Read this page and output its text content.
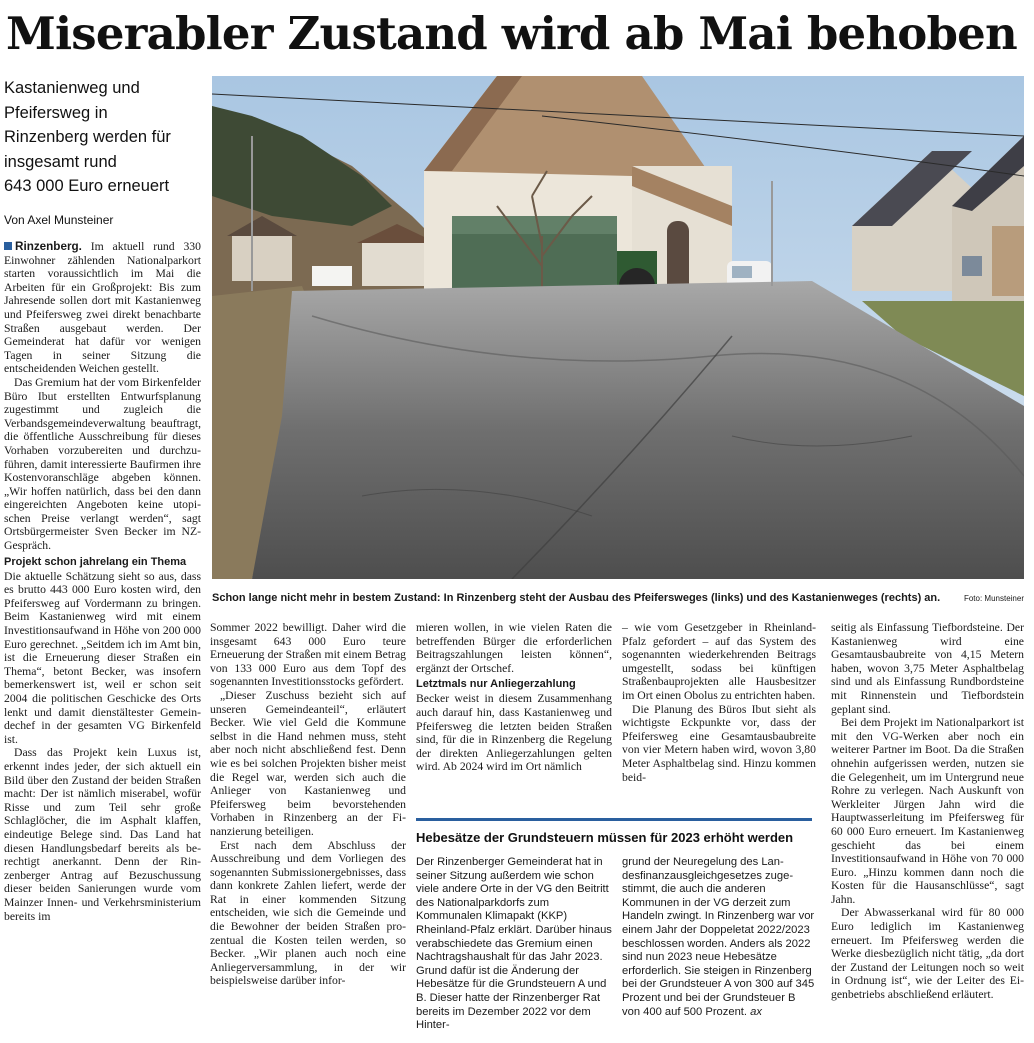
Miserabler Zustand wird ab Mai behoben
Kastanienweg und
Pfeifersweg in
Rinzenberg werden für
insgesamt rund
643 000 Euro erneuert
Von Axel Munsteiner
Schon lange nicht mehr in bestem Zustand: In Rinzenberg steht der Ausbau des Pfeifersweges (links) und des Kastanienweges (rechts) an.	Foto: Munsteiner

Rinzenberg. Im aktuell rund 330 Einwohner zählenden Nationalparkort starten voraussichtlich im Mai die Arbeiten für ein Großprojekt: Bis zum Jahresende sollen dort mit Kastanienweg und Pfeifersweg zwei direkt benachbarte Straßen ausgebaut werden. Der Gemeinderat hat dafür vor wenigen Tagen in seiner Sitzung die entscheidenden Weichen gestellt.

Das Gremium hat der vom Birkenfelder Büro Ibut erstellten Entwurfsplanung zugestimmt und zugleich die Verbandsgemeindeverwaltung beauftragt, die öffentliche Ausschreibung für dieses Vorhaben vorzubereiten und durchzuführen, damit interessierte Baufirmen ihre Kostenvoranschläge abgeben können. „Wir hoffen natürlich, dass bei den dann eingereichten Angeboten keine utopischen Preise verlangt werden“, sagt Ortsbürgermeister Sven Becker im NZ-Gespräch.

Projekt schon jahrelang ein Thema

Die aktuelle Schätzung sieht so aus, dass es brutto 443 000 Euro kosten wird, den Pfeifersweg auf Vordermann zu bringen. Beim Kastanienweg wird mit einem Investitionsaufwand in Höhe von 200 000 Euro gerechnet. „Seitdem ich im Amt bin, ist die Erneuerung dieser Straßen ein Thema“, betont Becker, was insofern bemerkenswert ist, weil er schon seit 2004 die politischen Geschicke des Orts lenkt und damit dienstältester Gemeindechef in der gesamten VG Birkenfeld ist.

Dass das Projekt kein Luxus ist, erkennt indes jeder, der sich aktuell ein Bild über den Zustand der beiden Straßen macht: Der ist nämlich miserabel, wofür Risse und zum Teil sehr große Schlaglöcher, die im Asphalt klaffen, eindeutige Belege sind. Das Land hat diesen Handlungsbedarf bereits als berechtigt anerkannt. Denn der Rinzenberger Antrag auf Bezuschussung dieser beiden Sanierungen wurde vom Mainzer Innen- und Verkehrsministerium bereits im

Sommer 2022 bewilligt. Daher wird die insgesamt 643 000 Euro teure Erneuerung der Straßen mit einem Betrag von 133 000 Euro aus dem Topf des sogenannten Investitionsstocks gefördert.

„Dieser Zuschuss bezieht sich auf unseren Gemeindeanteil“, erläutert Becker. Wie viel Geld die Kommune selbst in die Hand nehmen muss, steht aber noch nicht abschließend fest. Denn wie es bei solchen Projekten bisher meist die Regel war, werden sich auch die Anlieger von Kastanienweg und Pfeifersweg beim bevorstehenden Vorhaben in Rinzenberg an der Finanzierung beteiligen.

Erst nach dem Abschluss der Ausschreibung und dem Vorliegen des sogenannten Submissionergebnisses, dass dann konkrete Zahlen liefert, werde der Rat in einer kommenden Sitzung entscheiden, wie sich die Gemeinde und die Bewohner der beiden Straßen prozentual die Kosten teilen werden, so Becker. „Wir planen auch noch eine Anliegerversammlung, in der wir beispielsweise darüber infor-

mieren wollen, in wie vielen Raten die betreffenden Bürger die erforderlichen Beitragszahlungen leisten können“, ergänzt der Ortschef.

Letztmals nur Anliegerzahlung

Becker weist in diesem Zusammenhang auch darauf hin, dass Kastanienweg und Pfeifersweg die letzten beiden Straßen sind, für die in Rinzenberg die Regelung der direkten Anliegerzahlungen gelten wird. Ab 2024 wird im Ort nämlich

– wie vom Gesetzgeber in Rheinland-Pfalz gefordert – auf das System des sogenannten wiederkehrenden Beitrags umgestellt, sodass bei künftigen Straßenbauprojekten alle Hausbesitzer im Ort einen Obolus zu entrichten haben.

Die Planung des Büros Ibut sieht als wichtigste Eckpunkte vor, dass der Pfeifersweg eine Gesamtausbaubreite von vier Metern haben wird, wovon 3,80 Meter Asphaltbelag sind. Hinzu kommen beid-

seitig als Einfassung Tiefbordsteine. Der Kastanienweg wird eine Gesamtausbaubreite von 4,15 Metern haben, wovon 3,75 Meter Asphaltbelag sind und als Einfassung Rundbordsteine mit Rinnenstein und Tiefbordstein geplant sind.

Bei dem Projekt im Nationalparkort ist mit den VG-Werken aber noch ein weiterer Partner im Boot. Da die Straßen ohnehin aufgerissen werden, nutzen sie die Gelegenheit, um im Untergrund neue Rohre zu verlegen. Nach Auskunft von Werkleiter Jürgen Jahn wird die Hauptwasserleitung im Pfeifersweg für 60 000 Euro erneuert. Im Kastanienweg geschieht das bei einem Investitionsaufwand in Höhe von 70 000 Euro. „Hinzu kommen dann noch die Kosten für die Hausanschlüsse“, sagt Jahn.

Der Abwasserkanal wird für 80 000 Euro lediglich im Kastanienweg erneuert. Im Pfeifersweg werden die Werke diesbezüglich nicht tätig, „da dort der Zustand der Leitungen noch so weit in Ordnung ist“, wie der Leiter des Eigenbetriebs abschließend erläutert.

Hebesätze der Grundsteuern müssen für 2023 erhöht werden
Der Rinzenberger Gemeinderat hat in seiner Sitzung außerdem wie schon viele andere Orte in der VG den Beitritt des Nationalparkdorfs zum Kommunalen Klimapakt (KKP) Rheinland-Pfalz erklärt. Darüber hinaus verabschiedete das Gremium einen Nachtragshaushalt für das Jahr 2023. Grund dafür ist die Änderung der Hebesätze für die Grundsteuern A und B. Dieser hatte der Rinzenberger Rat bereits im Dezember 2022 vor dem Hinter-
grund der Neuregelung des Landesfinanzausgleichgesetzes zugestimmt, die auch die anderen Kommunen in der VG derzeit zum Handeln zwingt. In Rinzenberg war vor einem Jahr der Doppeletat 2022/2023 beschlossen worden. Anders als 2022 sind nun 2023 neue Hebesätze erforderlich. Sie steigen in Rinzenberg bei der Grundsteuer A von 300 auf 345 Prozent und bei der Grundsteuer B von 400 auf 500 Prozent. ax
